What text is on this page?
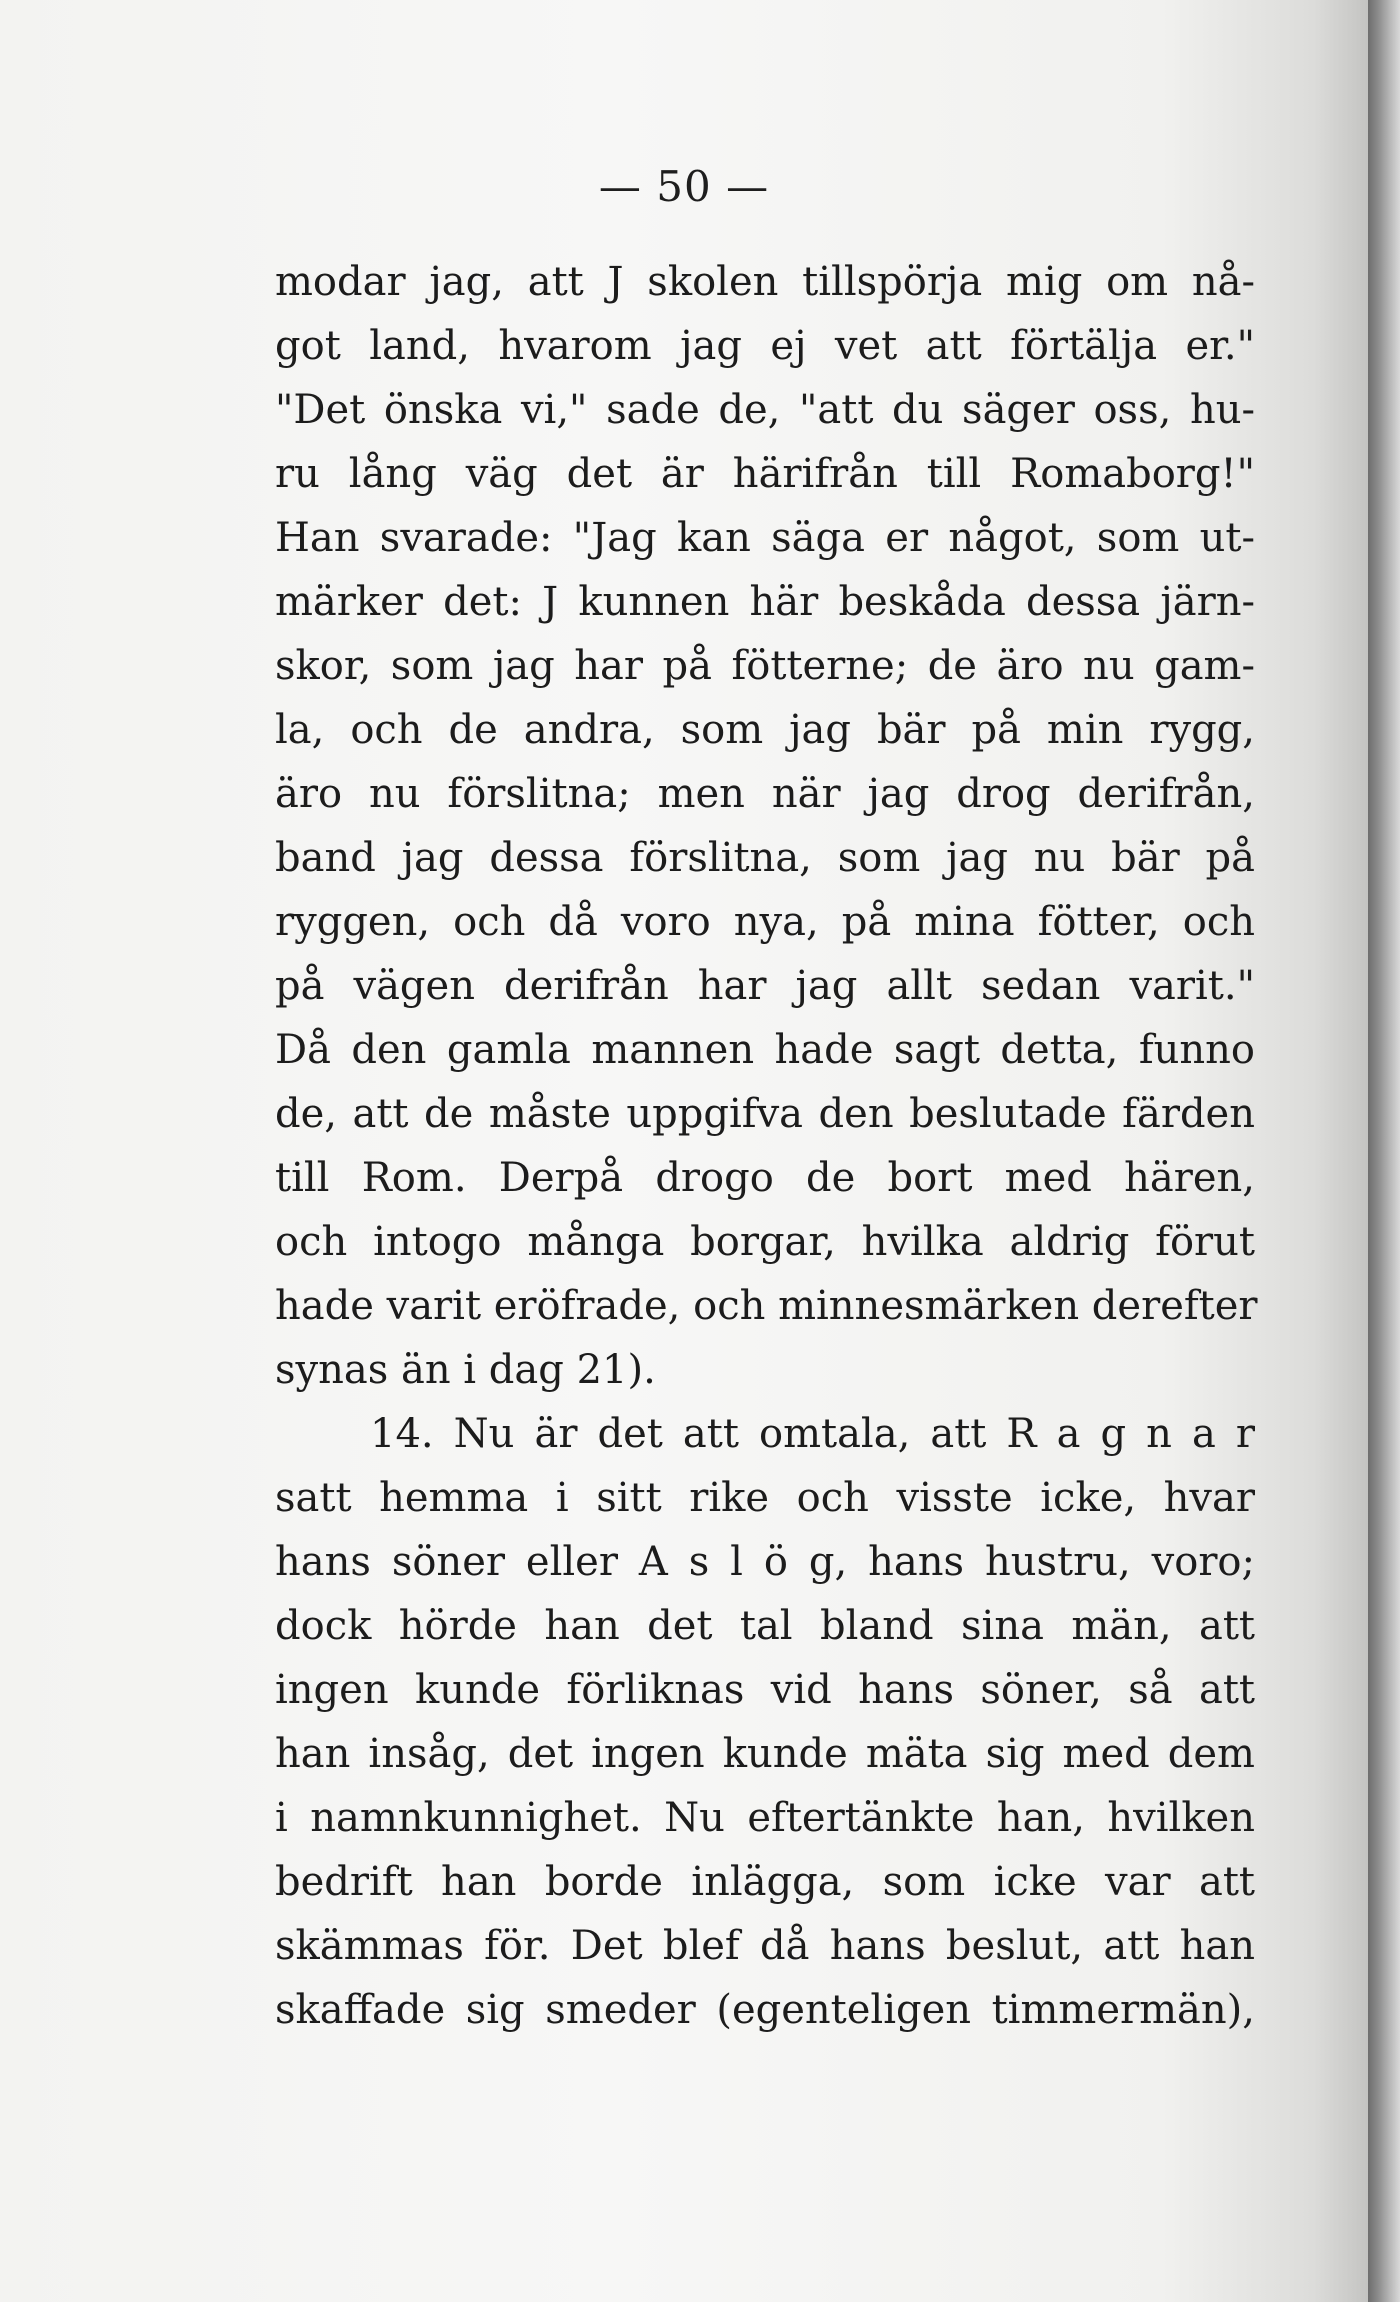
— 50 —
modar jag, att J skolen tillspörja mig om nå-
got land, hvarom jag ej vet att förtälja er."
"Det önska vi," sade de, "att du säger oss, hu-
ru lång väg det är härifrån till Romaborg!"
Han svarade: "Jag kan säga er något, som ut-
märker det: J kunnen här beskåda dessa järn-
skor, som jag har på fötterne; de äro nu gam-
la, och de andra, som jag bär på min rygg,
äro nu förslitna; men när jag drog derifrån,
band jag dessa förslitna, som jag nu bär på
ryggen, och då voro nya, på mina fötter, och
på vägen derifrån har jag allt sedan varit."
Då den gamla mannen hade sagt detta, funno
de, att de måste uppgifva den beslutade färden
till Rom. Derpå drogo de bort med hären,
och intogo många borgar, hvilka aldrig förut
hade varit eröfrade, och minnesmärken derefter
synas än i dag 21).
14. Nu är det att omtala, att R a g n a r
satt hemma i sitt rike och visste icke, hvar
hans söner eller A s l ö g, hans hustru, voro;
dock hörde han det tal bland sina män, att
ingen kunde förliknas vid hans söner, så att
han insåg, det ingen kunde mäta sig med dem
i namnkunnighet. Nu eftertänkte han, hvilken
bedrift han borde inlägga, som icke var att
skämmas för. Det blef då hans beslut, att han
skaffade sig smeder (egenteligen timmermän),
